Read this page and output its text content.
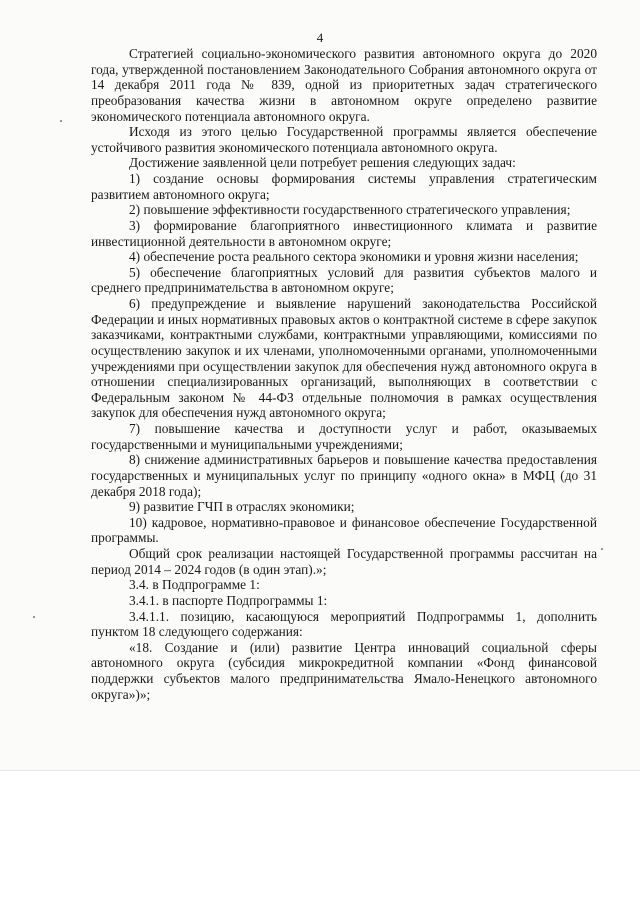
4

Стратегией социально-экономического развития автономного округа до 2020 года, утвержденной постановлением Законодательного Собрания автономного округа от 14 декабря 2011 года № 839, одной из приоритетных задач стратегического преобразования качества жизни в автономном округе определено развитие экономического потенциала автономного округа.

Исходя из этого целью Государственной программы является обеспечение устойчивого развития экономического потенциала автономного округа.

Достижение заявленной цели потребует решения следующих задач:

1) создание основы формирования системы управления стратегическим развитием автономного округа;

2) повышение эффективности государственного стратегического управления;

3) формирование благоприятного инвестиционного климата и развитие инвестиционной деятельности в автономном округе;

4) обеспечение роста реального сектора экономики и уровня жизни населения;

5) обеспечение благоприятных условий для развития субъектов малого и среднего предпринимательства в автономном округе;

6) предупреждение и выявление нарушений законодательства Российской Федерации и иных нормативных правовых актов о контрактной системе в сфере закупок заказчиками, контрактными службами, контрактными управляющими, комиссиями по осуществлению закупок и их членами, уполномоченными органами, уполномоченными учреждениями при осуществлении закупок для обеспечения нужд автономного округа в отношении специализированных организаций, выполняющих в соответствии с Федеральным законом № 44-ФЗ отдельные полномочия в рамках осуществления закупок для обеспечения нужд автономного округа;

7) повышение качества и доступности услуг и работ, оказываемых государственными и муниципальными учреждениями;

8) снижение административных барьеров и повышение качества предоставления государственных и муниципальных услуг по принципу «одного окна» в МФЦ (до 31 декабря 2018 года);

9) развитие ГЧП в отраслях экономики;

10) кадровое, нормативно-правовое и финансовое обеспечение Государственной программы.

Общий срок реализации настоящей Государственной программы рассчитан на период 2014 – 2024 годов (в один этап).»;

3.4. в Подпрограмме 1:

3.4.1. в паспорте Подпрограммы 1:

3.4.1.1. позицию, касающуюся мероприятий Подпрограммы 1, дополнить пунктом 18 следующего содержания:

«18. Создание и (или) развитие Центра инноваций социальной сферы автономного округа (субсидия микрокредитной компании «Фонд финансовой поддержки субъектов малого предпринимательства Ямало-Ненецкого автономного округа»)»;
